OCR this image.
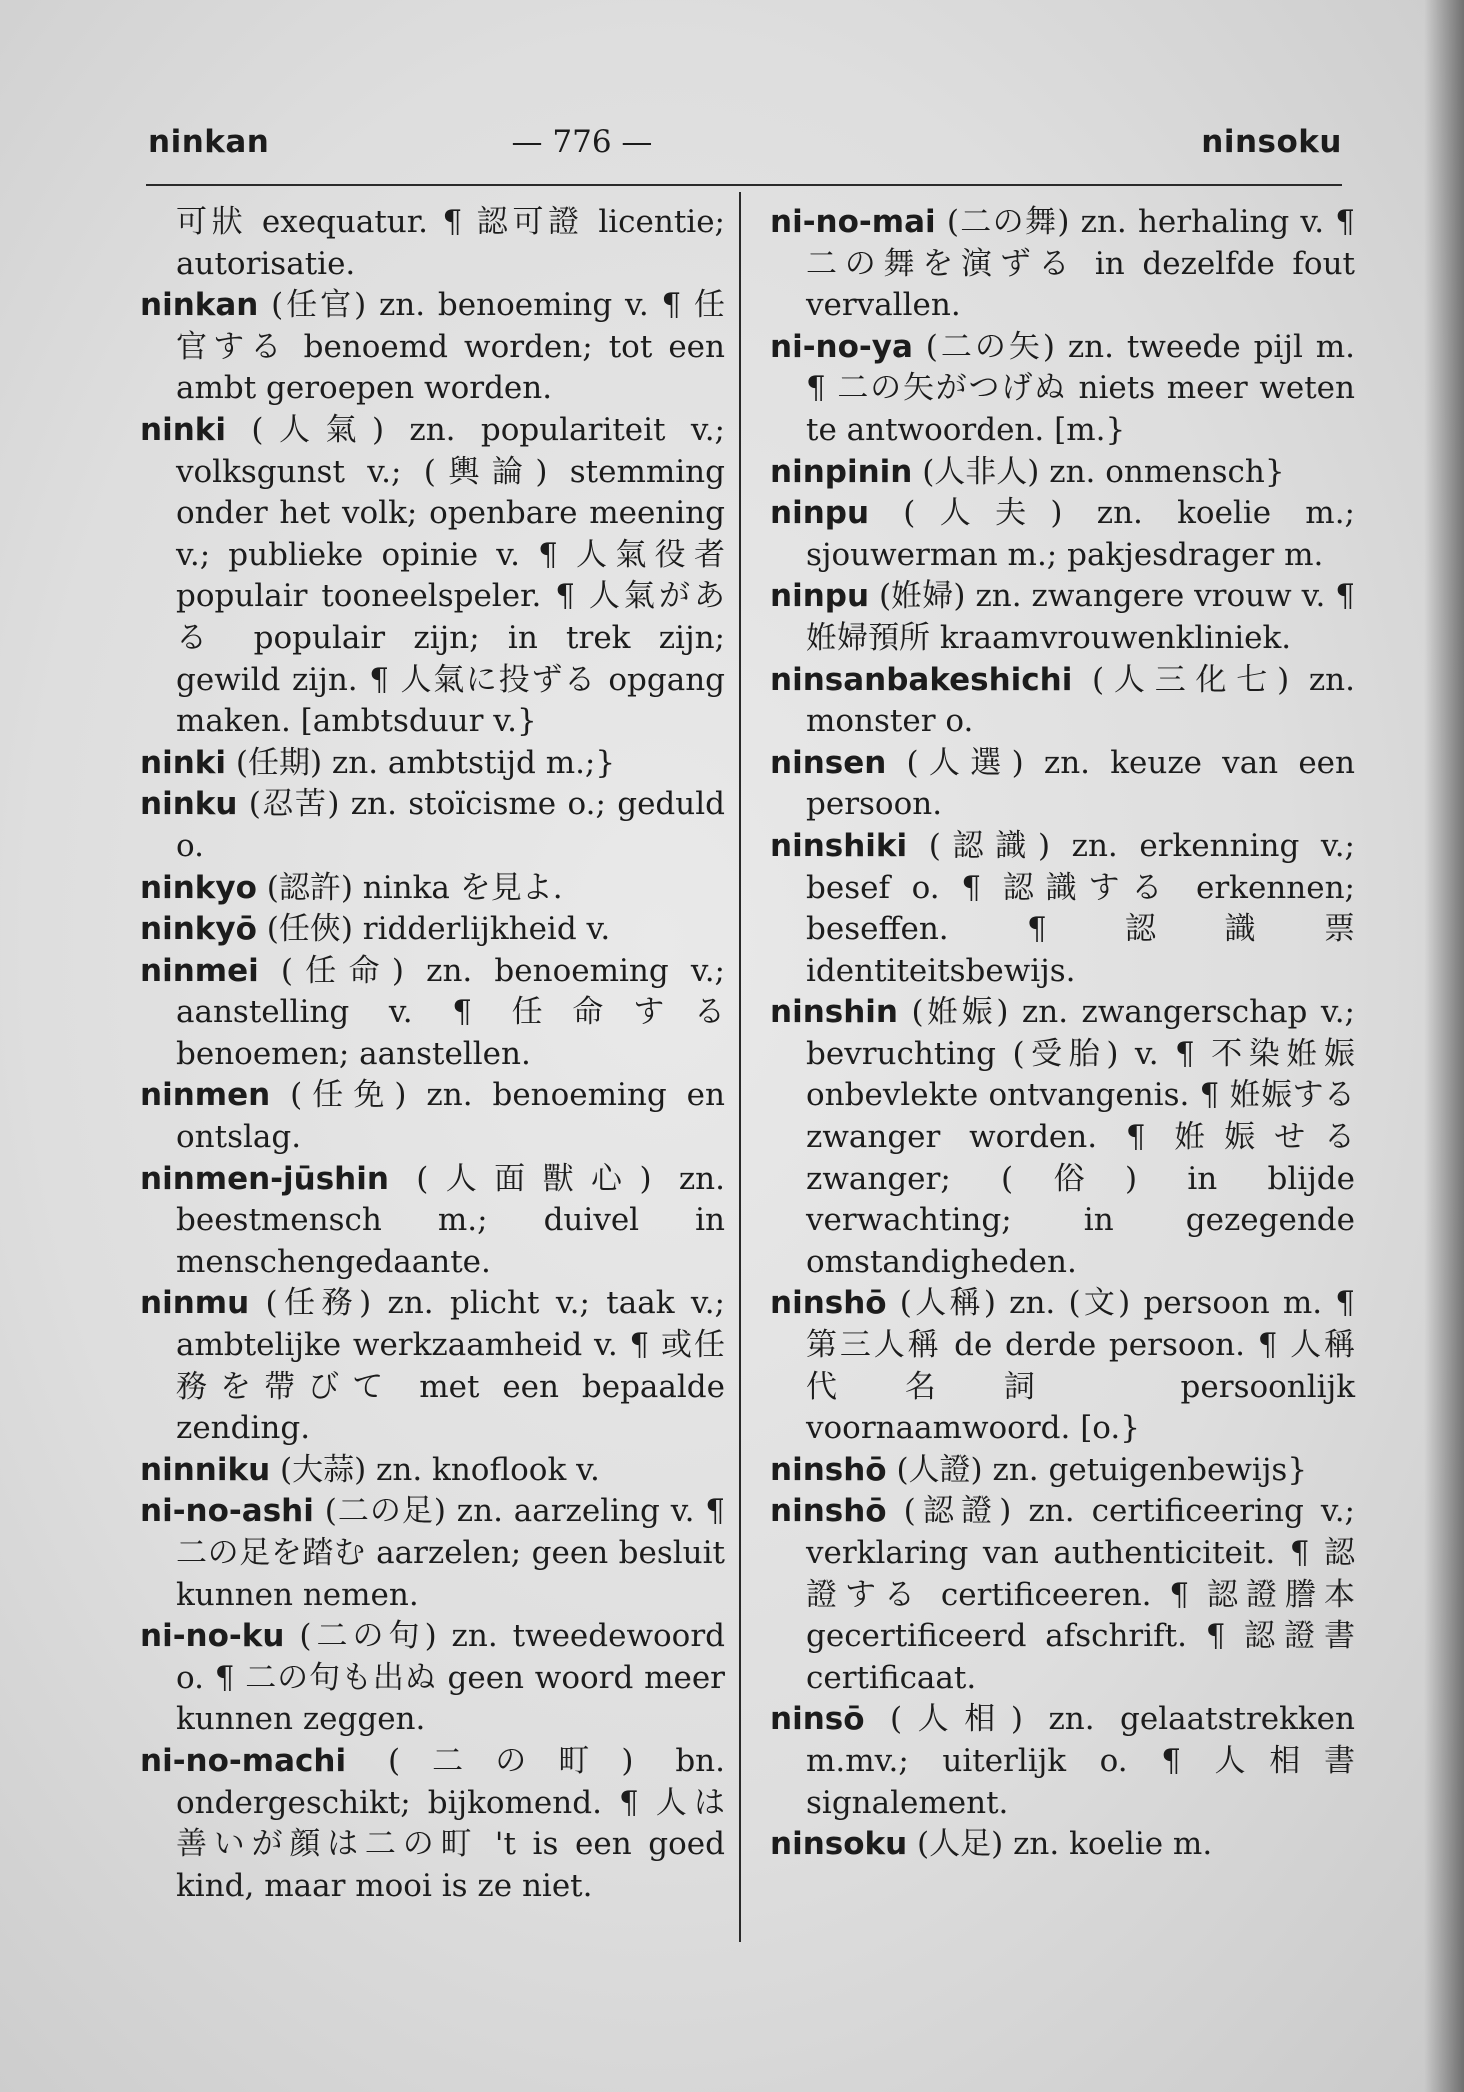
ninkan	— 776 —	ninsoku

可狀 exequatur. ¶ 認可證 licentie; autorisatie.

ninkan (任官) zn. benoeming v. ¶ 任官する benoemd worden; tot een ambt geroepen worden.

ninki (人氣) zn. populariteit v.; volksgunst v.; (輿論) stemming onder het volk; openbare meening v.; publieke opinie v. ¶ 人氣役者 populair tooneelspeler. ¶ 人氣がある populair zijn; in trek zijn; gewild zijn. ¶ 人氣に投ずる opgang maken. [ambtsduur v.}

ninki (任期) zn. ambtstijd m.;}

ninku (忍苦) zn. stoïcisme o.; geduld o.

ninkyo (認許) ninka を見よ.

ninkyō (任俠) ridderlijkheid v.

ninmei (任命) zn. benoeming v.; aanstelling v. ¶ 任命する benoemen; aanstellen.

ninmen (任免) zn. benoeming en ontslag.

ninmen-jūshin (人面獸心) zn. beestmensch m.; duivel in menschengedaante.

ninmu (任務) zn. plicht v.; taak v.; ambtelijke werkzaamheid v. ¶ 或任務を帶びて met een bepaalde zending.

ninniku (大蒜) zn. knoflook v.

ni-no-ashi (二の足) zn. aarzeling v. ¶ 二の足を踏む aarzelen; geen besluit kunnen nemen.

ni-no-ku (二の句) zn. tweedewoord o. ¶ 二の句も出ぬ geen woord meer kunnen zeggen.

ni-no-machi (二の町) bn. ondergeschikt; bijkomend. ¶ 人は善いが顔は二の町 't is een goed kind, maar mooi is ze niet.

ni-no-mai (二の舞) zn. herhaling v. ¶ 二の舞を演ずる in dezelfde fout vervallen.

ni-no-ya (二の矢) zn. tweede pijl m. ¶ 二の矢がつげぬ niets meer weten te antwoorden. [m.}

ninpinin (人非人) zn. onmensch}

ninpu (人夫) zn. koelie m.; sjouwerman m.; pakjesdrager m.

ninpu (姙婦) zn. zwangere vrouw v. ¶ 姙婦預所 kraamvrouwenkliniek.

ninsanbakeshichi (人三化七) zn. monster o.

ninsen (人選) zn. keuze van een persoon.

ninshiki (認識) zn. erkenning v.; besef o. ¶ 認識する erkennen; beseffen. ¶ 認識票 identiteitsbewijs.

ninshin (姙娠) zn. zwangerschap v.; bevruchting (受胎) v. ¶ 不染姙娠 onbevlekte ontvangenis. ¶ 姙娠する zwanger worden. ¶ 姙娠せる zwanger; (俗) in blijde verwachting; in gezegende omstandigheden.

ninshō (人稱) zn. (文) persoon m. ¶ 第三人稱 de derde persoon. ¶ 人稱代名詞 persoonlijk voornaamwoord. [o.}

ninshō (人證) zn. getuigenbewijs}

ninshō (認證) zn. certificeering v.; verklaring van authenticiteit. ¶ 認證する certificeeren. ¶ 認證謄本 gecertificeerd afschrift. ¶ 認證書 certificaat.

ninsō (人相) zn. gelaatstrekken m.mv.; uiterlijk o. ¶ 人相書 signalement.

ninsoku (人足) zn. koelie m.
